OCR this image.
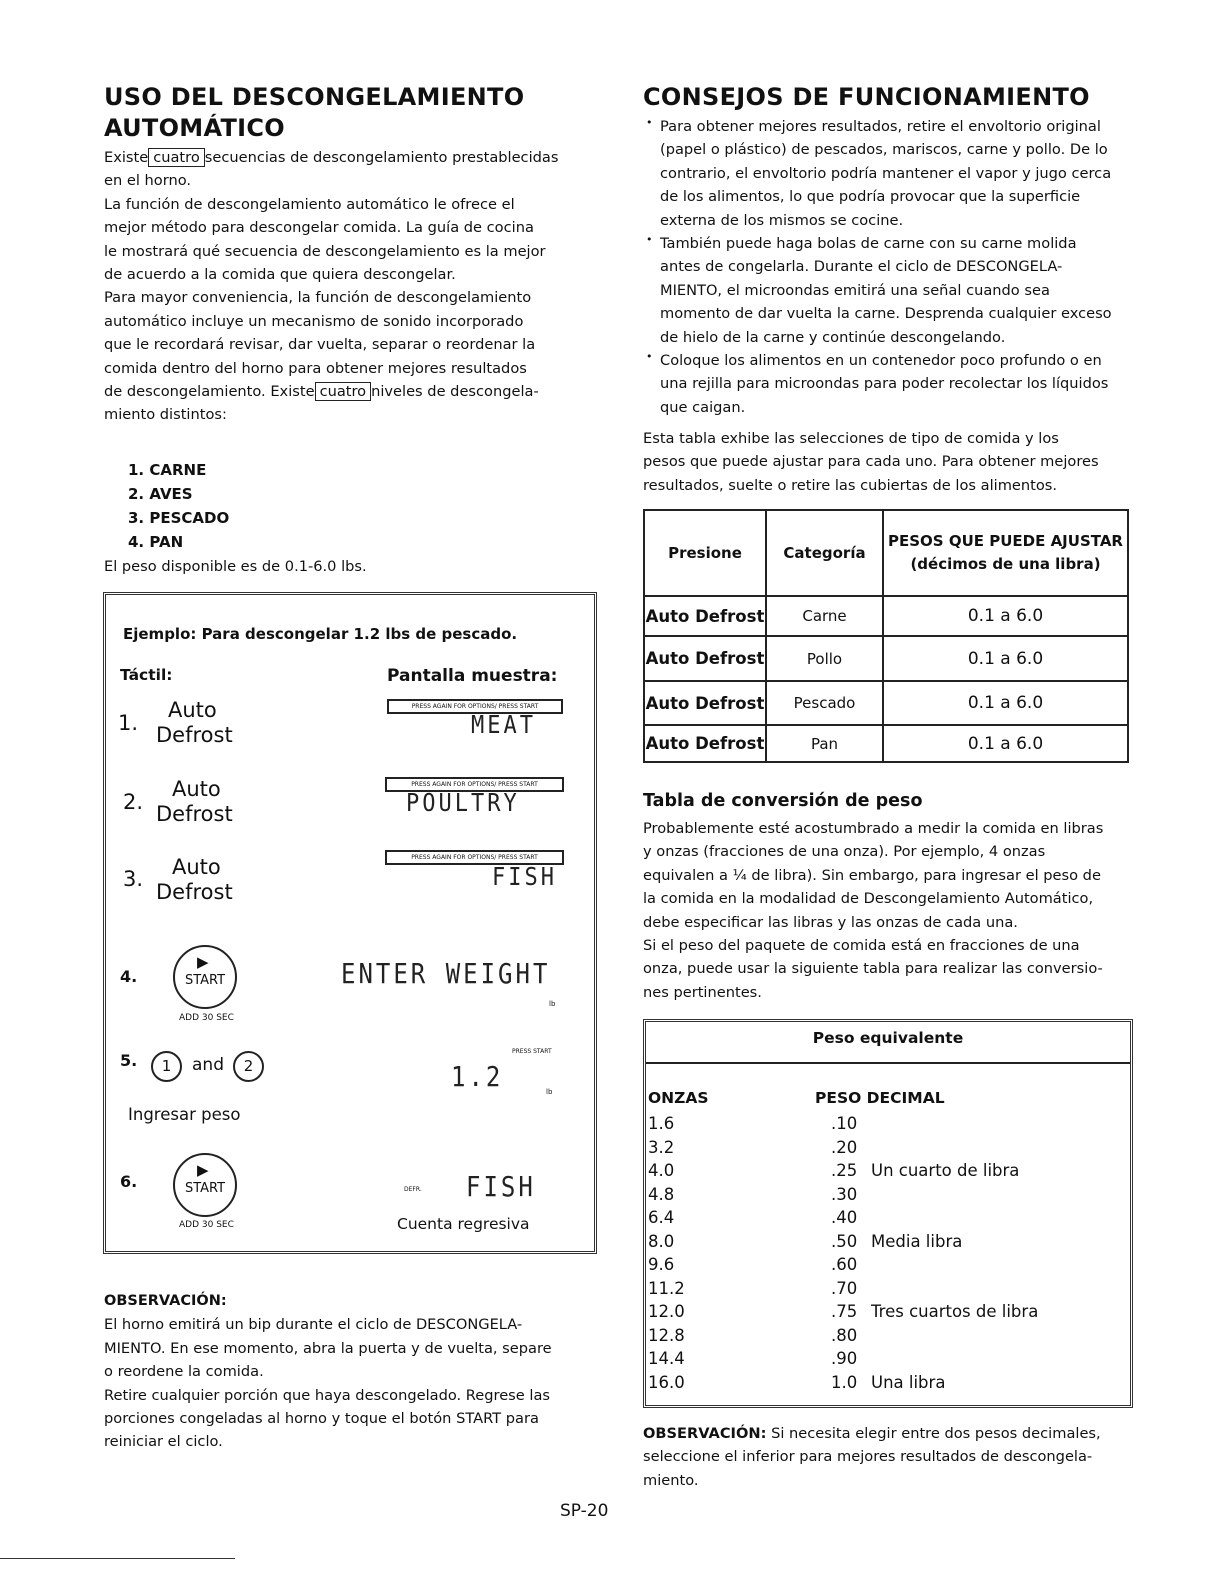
USO DEL DESCONGELAMIENTO
AUTOMÁTICO

Existe cuatro secuencias de descongelamiento prestablecidas

en el horno.

La función de descongelamiento automático le ofrece el

mejor método para descongelar comida. La guía de cocina

le mostrará qué secuencia de descongelamiento es la mejor

de acuerdo a la comida que quiera descongelar.

Para mayor conveniencia, la función de descongelamiento

automático incluye un mecanismo de sonido incorporado

que le recordará revisar, dar vuelta, separar o reordenar la

comida dentro del horno para obtener mejores resultados

de descongelamiento. Existe cuatro niveles de descongela-

miento distintos:

1. CARNE
2. AVES
3. PESCADO
4. PAN

El peso disponible es de 0.1-6.0 lbs.

Ejemplo: Para descongelar 1.2 lbs de pescado.
Táctil:	Pantalla muestra:
1.
Auto
Defrost
PRESS AGAIN FOR OPTIONS/ PRESS START
MEAT
2.
Auto
Defrost
PRESS AGAIN FOR OPTIONS/ PRESS START
POULTRY
3. Auto
Defrost
PRESS AGAIN FOR OPTIONS/ PRESS START
FISH
4.
▶
START
ADD 30 SEC
ENTER WEIGHT
lb
5.	1	and	2
PRESS START
1.2	lb
Ingresar peso
6.
▶
START
ADD 30 SEC
DEFR. FISH
Cuenta regresiva

OBSERVACIÓN:

El horno emitirá un bip durante el ciclo de DESCONGELA-

MIENTO. En ese momento, abra la puerta y de vuelta, separe

o reordene la comida.

Retire cualquier porción que haya descongelado. Regrese las

porciones congeladas al horno y toque el botón START para

reiniciar el ciclo.

CONSEJOS DE FUNCIONAMIENTO
• Para obtener mejores resultados, retire el envoltorio original
(papel o plástico) de pescados, mariscos, carne y pollo. De lo
contrario, el envoltorio podría mantener el vapor y jugo cerca
de los alimentos, lo que podría provocar que la superficie
externa de los mismos se cocine.
• También puede haga bolas de carne con su carne molida
antes de congelarla. Durante el ciclo de DESCONGELA-
MIENTO, el microondas emitirá una señal cuando sea
momento de dar vuelta la carne. Desprenda cualquier exceso
de hielo de la carne y continúe descongelando.
• Coloque los alimentos en un contenedor poco profundo o en
una rejilla para microondas para poder recolectar los líquidos
que caigan.

Esta tabla exhibe las selecciones de tipo de comida y los

pesos que puede ajustar para cada uno. Para obtener mejores

resultados, suelte o retire las cubiertas de los alimentos.

Presione	Categoría	PESOS QUE PUEDE AJUSTAR
(décimos de una libra)

Auto Defrost	Carne	0.1 a 6.0
Auto Defrost	Pollo	0.1 a 6.0
Auto Defrost	Pescado	0.1 a 6.0
Auto Defrost	Pan	0.1 a 6.0
Tabla de conversión de peso

Probablemente esté acostumbrado a medir la comida en libras

y onzas (fracciones de una onza). Por ejemplo, 4 onzas

equivalen a ¼ de libra). Sin embargo, para ingresar el peso de

la comida en la modalidad de Descongelamiento Automático,

debe especificar las libras y las onzas de cada una.

Si el peso del paquete de comida está en fracciones de una

onza, puede usar la siguiente tabla para realizar las conversio-

nes pertinentes.

Peso equivalente
ONZAS	PESO DECIMAL
1.6	.10
3.2	.20
4.0	.25 Un cuarto de libra
4.8	.30
6.4	.40
8.0	.50 Media libra
9.6	.60
11.2	.70
12.0	.75 Tres cuartos de libra
12.8	.80
14.4	.90
16.0	1.0 Una libra

OBSERVACIÓN: Si necesita elegir entre dos pesos decimales,

seleccione el inferior para mejores resultados de descongela-

miento.

SP-20
